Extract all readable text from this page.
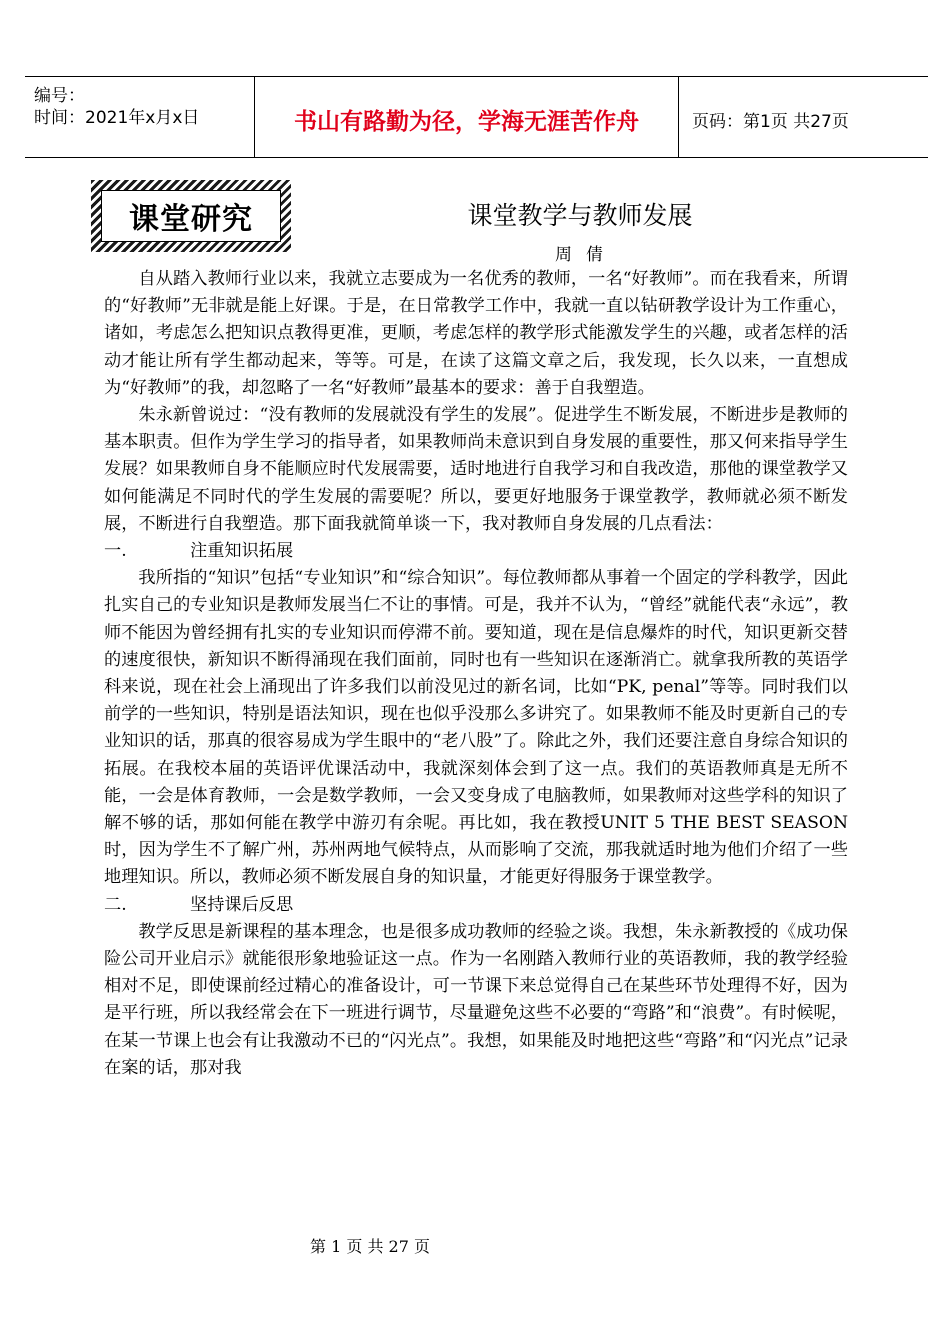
编号：
时间：2021年x月x日	书山有路勤为径，学海无涯苦作舟	页码：第1页 共27页
课堂研究	课堂教学与教师发展
周倩

自从踏入教师行业以来，我就立志要成为一名优秀的教师，一名“好教师”。而在我看来，所谓的“好教师”无非就是能上好课。于是，在日常教学工作中，我就一直以钻研教学设计为工作重心，诸如，考虑怎么把知识点教得更准，更顺，考虑怎样的教学形式能激发学生的兴趣，或者怎样的活动才能让所有学生都动起来，等等。可是，在读了这篇文章之后，我发现，长久以来，一直想成为“好教师”的我，却忽略了一名“好教师”最基本的要求：善于自我塑造。

朱永新曾说过：“没有教师的发展就没有学生的发展”。促进学生不断发展，不断进步是教师的基本职责。但作为学生学习的指导者，如果教师尚未意识到自身发展的重要性，那又何来指导学生发展？如果教师自身不能顺应时代发展需要，适时地进行自我学习和自我改造，那他的课堂教学又如何能满足不同时代的学生发展的需要呢？所以，要更好地服务于课堂教学，教师就必须不断发展，不断进行自我塑造。那下面我就简单谈一下，我对教师自身发展的几点看法：

一.	注重知识拓展

我所指的“知识”包括“专业知识”和“综合知识”。每位教师都从事着一个固定的学科教学，因此扎实自己的专业知识是教师发展当仁不让的事情。可是，我并不认为，“曾经”就能代表“永远”，教师不能因为曾经拥有扎实的专业知识而停滞不前。要知道，现在是信息爆炸的时代，知识更新交替的速度很快，新知识不断得涌现在我们面前，同时也有一些知识在逐渐消亡。就拿我所教的英语学科来说，现在社会上涌现出了许多我们以前没见过的新名词，比如“PK, penal”等等。同时我们以前学的一些知识，特别是语法知识，现在也似乎没那么多讲究了。如果教师不能及时更新自己的专业知识的话，那真的很容易成为学生眼中的“老八股”了。除此之外，我们还要注意自身综合知识的拓展。在我校本届的英语评优课活动中，我就深刻体会到了这一点。我们的英语教师真是无所不能，一会是体育教师，一会是数学教师，一会又变身成了电脑教师，如果教师对这些学科的知识了解不够的话，那如何能在教学中游刃有余呢。再比如，我在教授UNIT 5 THE BEST SEASON时，因为学生不了解广州，苏州两地气候特点，从而影响了交流，那我就适时地为他们介绍了一些地理知识。所以，教师必须不断发展自身的知识量，才能更好得服务于课堂教学。

二.	坚持课后反思

教学反思是新课程的基本理念，也是很多成功教师的经验之谈。我想，朱永新教授的《成功保险公司开业启示》就能很形象地验证这一点。作为一名刚踏入教师行业的英语教师，我的教学经验相对不足，即使课前经过精心的准备设计，可一节课下来总觉得自己在某些环节处理得不好，因为是平行班，所以我经常会在下一班进行调节，尽量避免这些不必要的“弯路”和“浪费”。有时候呢，在某一节课上也会有让我激动不已的“闪光点”。我想，如果能及时地把这些“弯路”和“闪光点”记录在案的话，那对我

第 1 页 共 27 页
